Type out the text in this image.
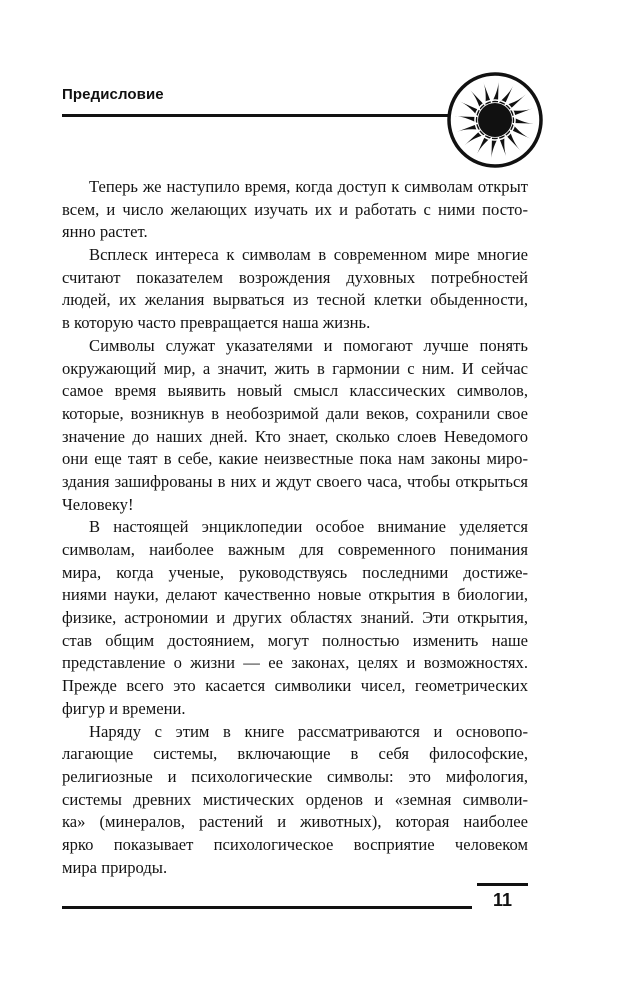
Предисловие
Теперь же наступило время, когда доступ к символам открыт
всем, и число желающих изучать их и работать с ними посто-
янно растет.
Всплеск интереса к символам в современном мире многие
считают показателем возрождения духовных потребностей
людей, их желания вырваться из тесной клетки обыденности,
в которую часто превращается наша жизнь.
Символы служат указателями и помогают лучше понять
окружающий мир, а значит, жить в гармонии с ним. И сейчас
самое время выявить новый смысл классических символов,
которые, возникнув в необозримой дали веков, сохранили свое
значение до наших дней. Кто знает, сколько слоев Неведомого
они еще таят в себе, какие неизвестные пока нам законы миро-
здания зашифрованы в них и ждут своего часа, чтобы открыться
Человеку!
В настоящей энциклопедии особое внимание уделяется
символам, наиболее важным для современного понимания
мира, когда ученые, руководствуясь последними достиже-
ниями науки, делают качественно новые открытия в биологии,
физике, астрономии и других областях знаний. Эти открытия,
став общим достоянием, могут полностью изменить наше
представление о жизни — ее законах, целях и возможностях.
Прежде всего это касается символики чисел, геометрических
фигур и времени.
Наряду с этим в книге рассматриваются и основопо-
лагающие системы, включающие в себя философские,
религиозные и психологические символы: это мифология,
системы древних мистических орденов и «земная символи-
ка» (минералов, растений и животных), которая наиболее
ярко показывает психологическое восприятие человеком
мира природы.
11
